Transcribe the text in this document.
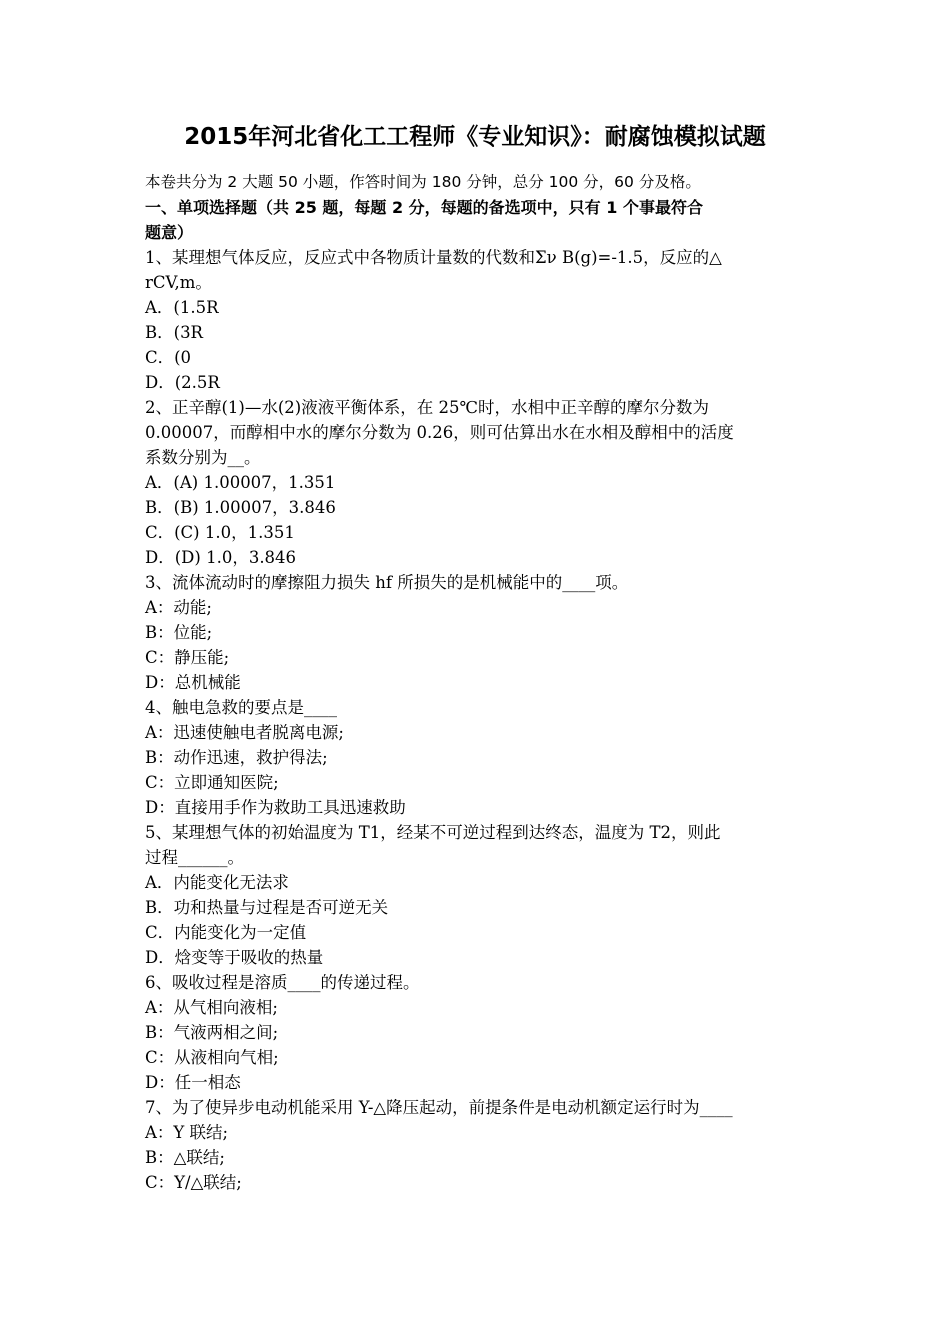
2015年河北省化工工程师《专业知识》：耐腐蚀模拟试题
本卷共分为 2 大题 50 小题，作答时间为 180 分钟，总分 100 分，60 分及格。
一、单项选择题（共 25 题，每题 2 分，每题的备选项中，只有 1 个事最符合
题意）
1、某理想气体反应，反应式中各物质计量数的代数和Σν B(g)=-1.5，反应的△
rCV,m。
A．(1.5R
B．(3R
C．(0
D．(2.5R
2、正辛醇(1)—水(2)液液平衡体系，在 25℃时，水相中正辛醇的摩尔分数为
0.00007，而醇相中水的摩尔分数为 0.26，则可估算出水在水相及醇相中的活度
系数分别为__。
A．(A) 1.00007，1.351
B．(B) 1.00007，3.846
C．(C) 1.0，1.351
D．(D) 1.0，3.846
3、流体流动时的摩擦阻力损失 hf 所损失的是机械能中的____项。
A：动能;
B：位能;
C：静压能;
D：总机械能
4、触电急救的要点是____
A：迅速使触电者脱离电源;
B：动作迅速，救护得法;
C：立即通知医院;
D：直接用手作为救助工具迅速救助
5、某理想气体的初始温度为 T1，经某不可逆过程到达终态，温度为 T2，则此
过程______。
A．内能变化无法求
B．功和热量与过程是否可逆无关
C．内能变化为一定值
D．焓变等于吸收的热量
6、吸收过程是溶质____的传递过程。
A：从气相向液相;
B：气液两相之间;
C：从液相向气相;
D：任一相态
7、为了使异步电动机能采用 Y-△降压起动，前提条件是电动机额定运行时为____
A：Y 联结;
B：△联结;
C：Y/△联结;
